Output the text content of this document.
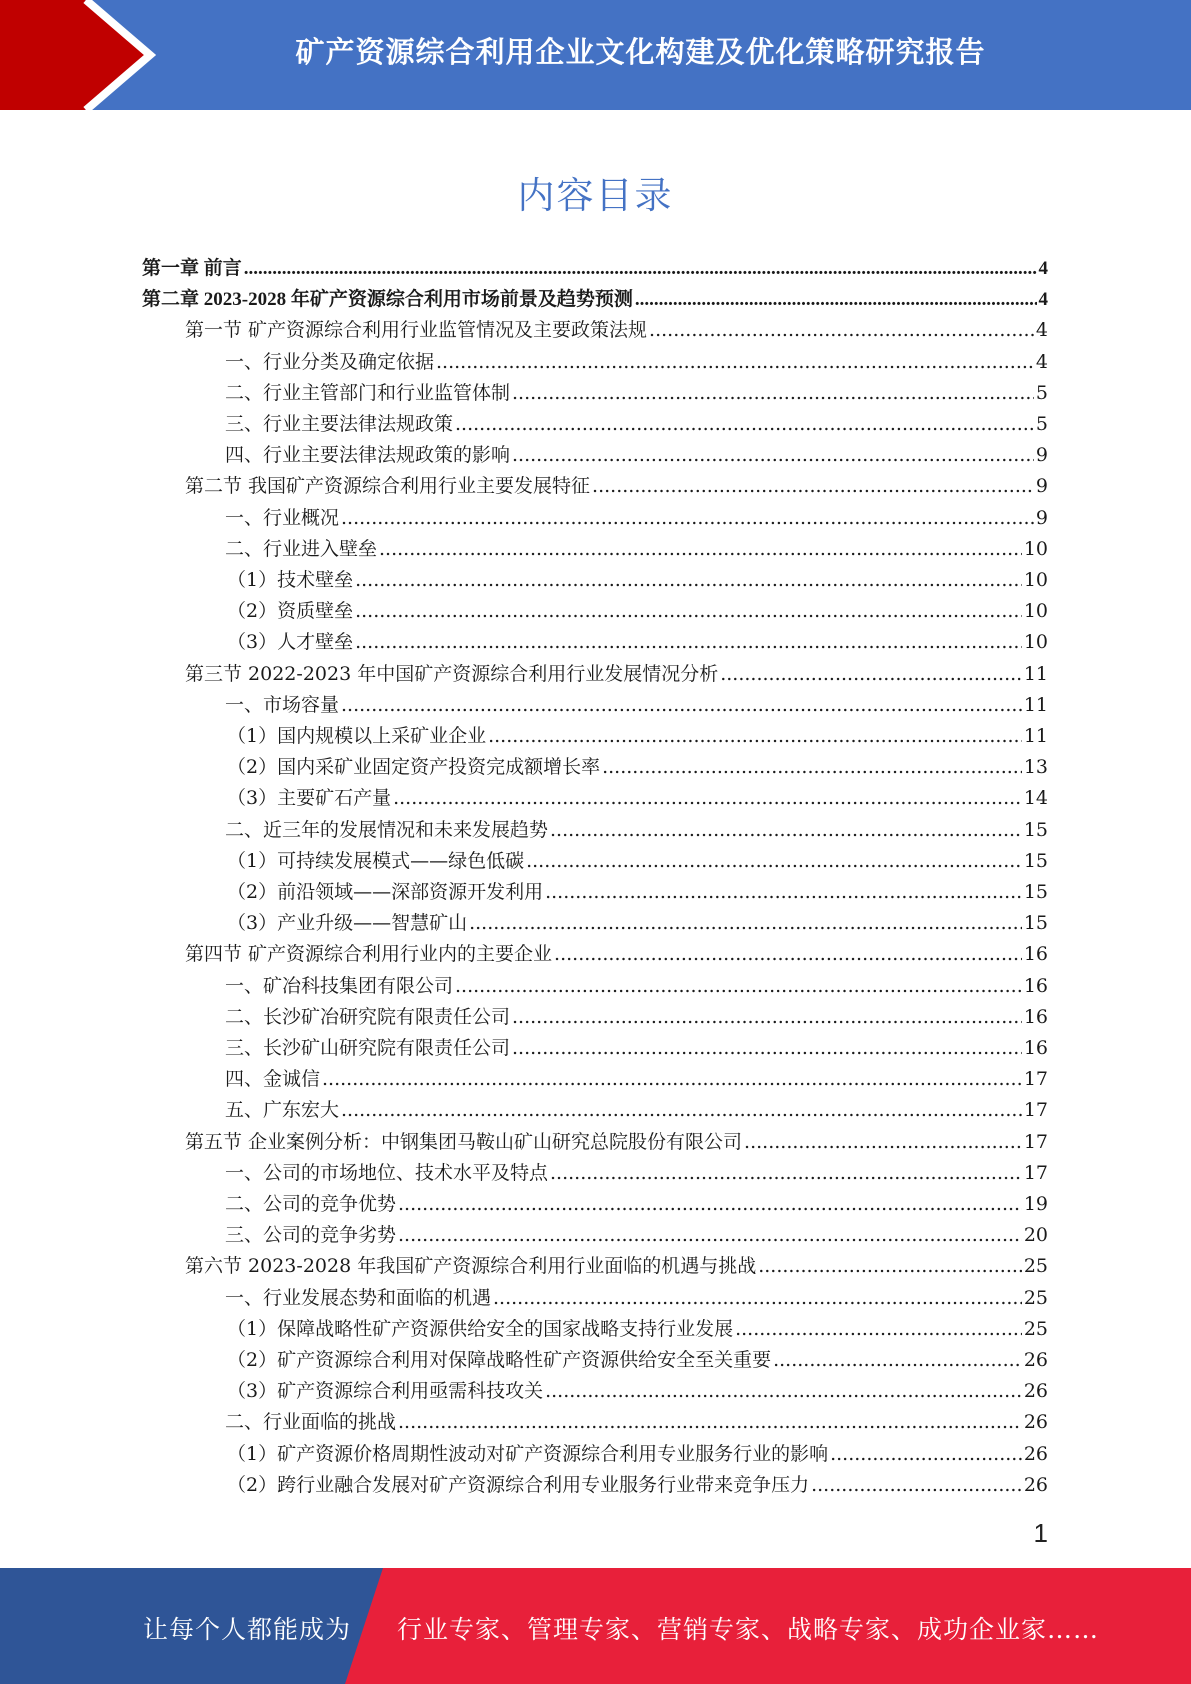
矿产资源综合利用企业文化构建及优化策略研究报告
内容目录
第一章 前言 .....	4
第二章 2023-2028 年矿产资源综合利用市场前景及趋势预测 .....	4
第一节 矿产资源综合利用行业监管情况及主要政策法规 .....	4
一、行业分类及确定依据 .....	4
二、行业主管部门和行业监管体制 .....	5
三、行业主要法律法规政策 .....	5
四、行业主要法律法规政策的影响 .....	9
第二节 我国矿产资源综合利用行业主要发展特征 .....	9
一、行业概况 .....	9
二、行业进入壁垒 .....	10
（1）技术壁垒 .....	10
（2）资质壁垒 .....	10
（3）人才壁垒 .....	10
第三节 2022-2023 年中国矿产资源综合利用行业发展情况分析 .....	11
一、市场容量 .....	11
（1）国内规模以上采矿业企业 .....	11
（2）国内采矿业固定资产投资完成额增长率 .....	13
（3）主要矿石产量 .....	14
二、近三年的发展情况和未来发展趋势 .....	15
（1）可持续发展模式——绿色低碳 .....	15
（2）前沿领域——深部资源开发利用 .....	15
（3）产业升级——智慧矿山 .....	15
第四节 矿产资源综合利用行业内的主要企业 .....	16
一、矿冶科技集团有限公司 .....	16
二、长沙矿冶研究院有限责任公司 .....	16
三、长沙矿山研究院有限责任公司 .....	16
四、金诚信 .....	17
五、广东宏大 .....	17
第五节 企业案例分析：中钢集团马鞍山矿山研究总院股份有限公司 .....	17
一、公司的市场地位、技术水平及特点 .....	17
二、公司的竞争优势 .....	19
三、公司的竞争劣势 .....	20
第六节 2023-2028 年我国矿产资源综合利用行业面临的机遇与挑战 .....	25
一、行业发展态势和面临的机遇 .....	25
（1）保障战略性矿产资源供给安全的国家战略支持行业发展 .....	25
（2）矿产资源综合利用对保障战略性矿产资源供给安全至关重要 .....	26
（3）矿产资源综合利用亟需科技攻关 .....	26
二、行业面临的挑战 .....	26
（1）矿产资源价格周期性波动对矿产资源综合利用专业服务行业的影响 .....	26
（2）跨行业融合发展对矿产资源综合利用专业服务行业带来竞争压力 .....	26
1
让每个人都能成为 行业专家、管理专家、营销专家、战略专家、成功企业家……
